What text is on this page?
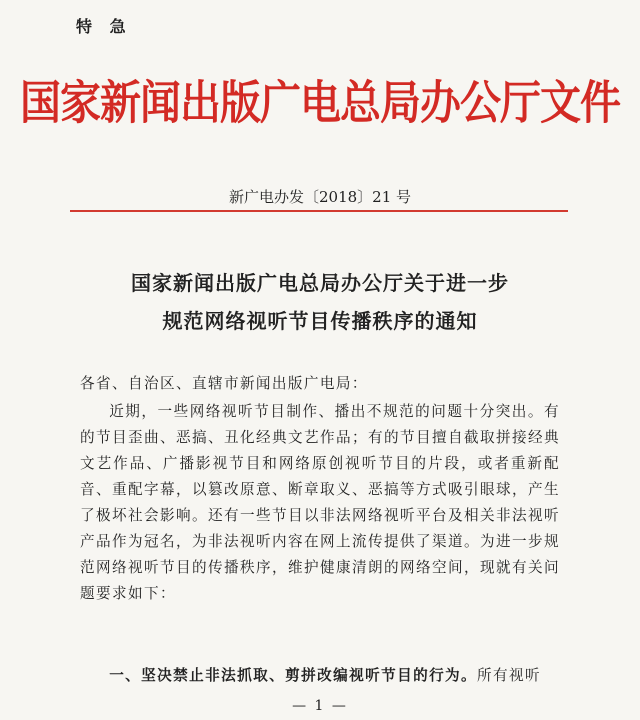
特 急
国家新闻出版广电总局办公厅文件
新广电办发〔2018〕21 号
国家新闻出版广电总局办公厅关于进一步
规范网络视听节目传播秩序的通知
各省、自治区、直辖市新闻出版广电局：
近期，一些网络视听节目制作、播出不规范的问题十分突出。有的节目歪曲、恶搞、丑化经典文艺作品；有的节目擅自截取拼接经典文艺作品、广播影视节目和网络原创视听节目的片段，或者重新配音、重配字幕，以篡改原意、断章取义、恶搞等方式吸引眼球，产生了极坏社会影响。还有一些节目以非法网络视听平台及相关非法视听产品作为冠名，为非法视听内容在网上流传提供了渠道。为进一步规范网络视听节目的传播秩序，维护健康清朗的网络空间，现就有关问题要求如下：
一、坚决禁止非法抓取、剪拼改编视听节目的行为。所有视听
— 1 —
